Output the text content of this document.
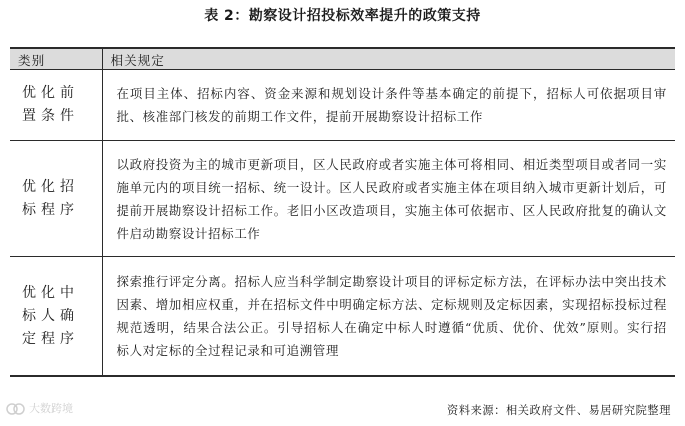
表 2：勘察设计招投标效率提升的政策支持
类别	相关规定
优化前置条件	在项目主体、招标内容、资金来源和规划设计条件等基本确定的前提下，招标人可依据项目审批、核准部门核发的前期工作文件，提前开展勘察设计招标工作
优化招标程序	以政府投资为主的城市更新项目，区人民政府或者实施主体可将相同、相近类型项目或者同一实施单元内的项目统一招标、统一设计。区人民政府或者实施主体在项目纳入城市更新计划后，可提前开展勘察设计招标工作。老旧小区改造项目，实施主体可依据市、区人民政府批复的确认文件启动勘察设计招标工作
优化中标人确定程序	探索推行评定分离。招标人应当科学制定勘察设计项目的评标定标方法，在评标办法中突出技术因素、增加相应权重，并在招标文件中明确定标方法、定标规则及定标因素，实现招标投标过程规范透明，结果合法公正。引导招标人在确定中标人时遵循“优质、优价、优效”原则。实行招标人对定标的全过程记录和可追溯管理
大数跨境	资料来源：相关政府文件、易居研究院整理
